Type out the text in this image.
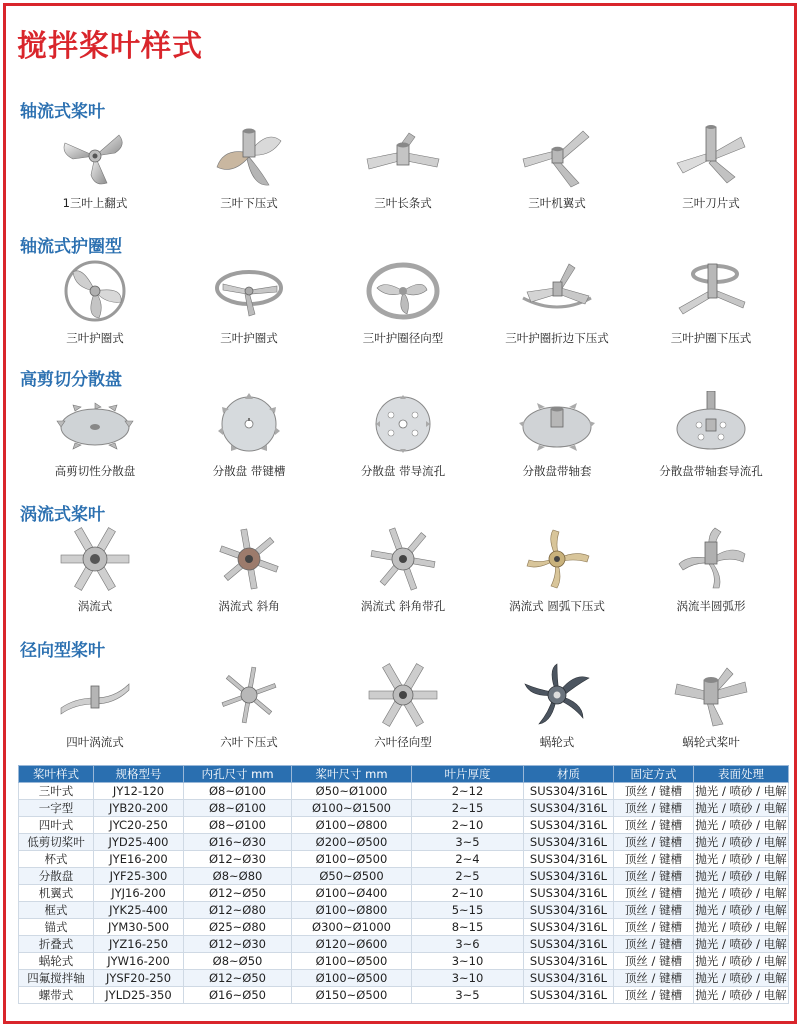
搅拌桨叶样式
轴流式桨叶
1三叶上翻式	三叶下压式	三叶长条式	三叶机翼式	三叶刀片式
轴流式护圈型
三叶护圈式	三叶护圈式	三叶护圈径向型	三叶护圈折边下压式	三叶护圈下压式
高剪切分散盘
高剪切性分散盘	分散盘 带键槽	分散盘 带导流孔	分散盘带轴套	分散盘带轴套导流孔
涡流式桨叶
涡流式	涡流式 斜角	涡流式 斜角带孔	涡流式 圆弧下压式	涡流半圆弧形
径向型桨叶
四叶涡流式	六叶下压式	六叶径向型	蜗轮式	蜗轮式桨叶
桨叶样式	规格型号	内孔尺寸 mm	桨叶尺寸 mm	叶片厚度	材质	固定方式	表面处理
三叶式	JY12-120	Ø8~Ø100	Ø50~Ø1000	2~12	SUS304/316L	顶丝 / 键槽	抛光 / 喷砂 / 电解
一字型	JYB20-200	Ø8~Ø100	Ø100~Ø1500	2~15	SUS304/316L	顶丝 / 键槽	抛光 / 喷砂 / 电解
四叶式	JYC20-250	Ø8~Ø100	Ø100~Ø800	2~10	SUS304/316L	顶丝 / 键槽	抛光 / 喷砂 / 电解
低剪切桨叶	JYD25-400	Ø16~Ø30	Ø200~Ø500	3~5	SUS304/316L	顶丝 / 键槽	抛光 / 喷砂 / 电解
杯式	JYE16-200	Ø12~Ø30	Ø100~Ø500	2~4	SUS304/316L	顶丝 / 键槽	抛光 / 喷砂 / 电解
分散盘	JYF25-300	Ø8~Ø80	Ø50~Ø500	2~5	SUS304/316L	顶丝 / 键槽	抛光 / 喷砂 / 电解
机翼式	JYJ16-200	Ø12~Ø50	Ø100~Ø400	2~10	SUS304/316L	顶丝 / 键槽	抛光 / 喷砂 / 电解
框式	JYK25-400	Ø12~Ø80	Ø100~Ø800	5~15	SUS304/316L	顶丝 / 键槽	抛光 / 喷砂 / 电解
锚式	JYM30-500	Ø25~Ø80	Ø300~Ø1000	8~15	SUS304/316L	顶丝 / 键槽	抛光 / 喷砂 / 电解
折叠式	JYZ16-250	Ø12~Ø30	Ø120~Ø600	3~6	SUS304/316L	顶丝 / 键槽	抛光 / 喷砂 / 电解
蜗轮式	JYW16-200	Ø8~Ø50	Ø100~Ø500	3~10	SUS304/316L	顶丝 / 键槽	抛光 / 喷砂 / 电解
四氟搅拌轴	JYSF20-250	Ø12~Ø50	Ø100~Ø500	3~10	SUS304/316L	顶丝 / 键槽	抛光 / 喷砂 / 电解
螺带式	JYLD25-350	Ø16~Ø50	Ø150~Ø500	3~5	SUS304/316L	顶丝 / 键槽	抛光 / 喷砂 / 电解
